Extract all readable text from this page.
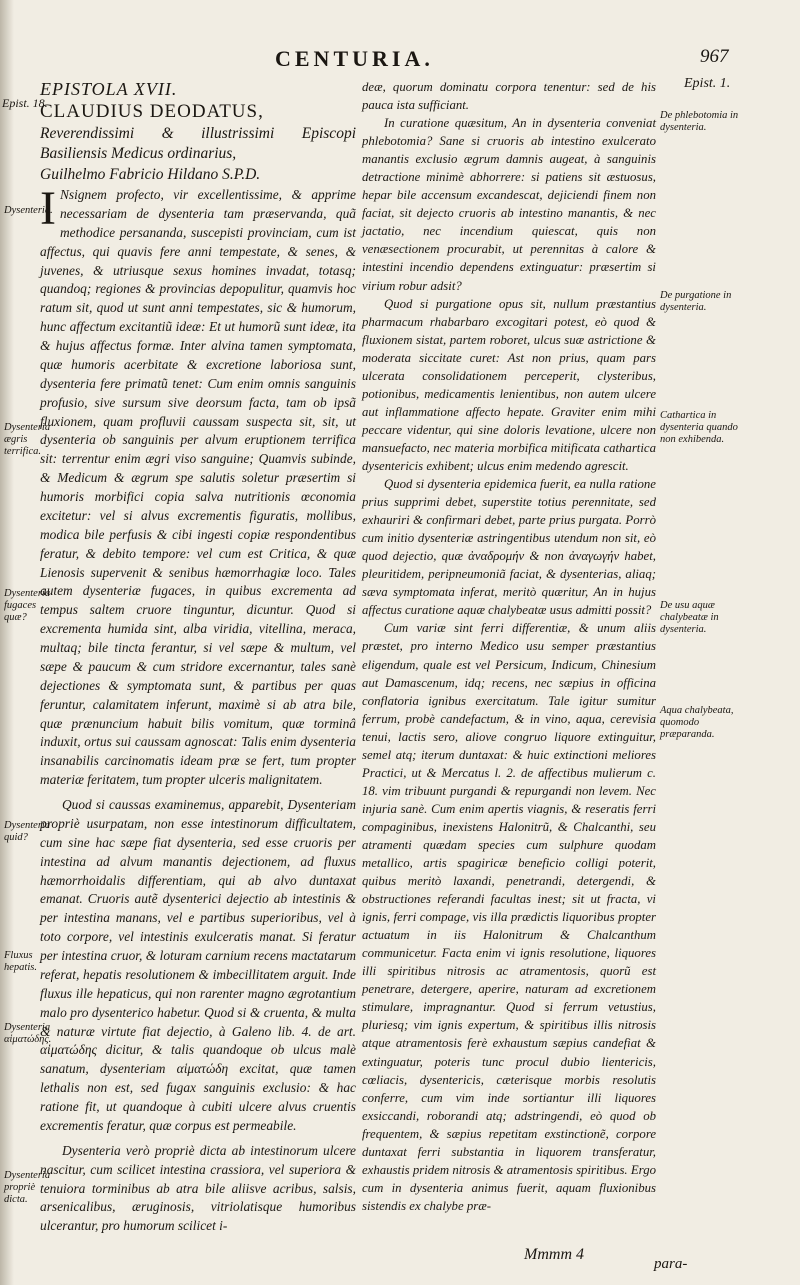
CENTURIA.	967
Epist. 1.
Epist. 18.

EPISTOLA XVII.

CLAUDIUS DEODATUS,

Reverendissimi & illustrissimi Episcopi Basiliensis Medicus ordinarius,

Guilhelmo Fabricio Hildano S.P.D.

I Nsignem profecto, vir excellentissime, & apprime necessariam de dysenteria tam præservanda, quã methodice persananda, suscepisti provinciam, cum ist affectus, qui quavis fere anni tempestate, & senes, & juvenes, & utriusque sexus homines invadat, totasq; quandoq; regiones & provincias depopulitur, quamvis hoc ratum sit, quod ut sunt anni tempestates, sic & humorum, hunc affectum excitantiũ ideæ: Et ut humorũ sunt ideæ, ita & hujus affectus formæ. Inter alvina tamen symptomata, quæ humoris acerbitate & excretione laboriosa sunt, dysenteria fere primatũ tenet: Cum enim omnis sanguinis profusio, sive sursum sive deorsum facta, tam ob ipsã fluxionem, quam profluvii caussam suspecta sit, sit, ut dysenteria ob sanguinis per alvum eruptionem terrifica sit: terrentur enim ægri viso sanguine; Quamvis subinde, & Medicum & ægrum spe salutis soletur præsertim si humoris morbifici copia salva nutritionis œconomia excitetur: vel si alvus excrementis figuratis, mollibus, modica bile perfusis & cibi ingesti copiæ respondentibus feratur, & debito tempore: vel cum est Critica, & quæ Lienosis supervenit & senibus hæmorrhagiæ loco. Tales autem dysenteriæ fugaces, in quibus excrementa ad tempus saltem cruore tinguntur, dicuntur. Quod si excrementa humida sint, alba viridia, vitellina, meraca, multaq; bile tincta ferantur, si vel sæpe & multum, vel sæpe & paucum & cum stridore excernantur, tales sanè dejectiones & symptomata sunt, & partibus per quas feruntur, calamitatem inferunt, maximè si ab atra bile, quæ prænuncium habuit bilis vomitum, quæ torminâ induxit, ortus sui caussam agnoscat: Talis enim dysenteria insanabilis carcinomatis ideam præ se fert, tum propter materiæ feritatem, tum propter ulceris malignitatem.

Quod si caussas examinemus, apparebit, Dysenteriam propriè usurpatam, non esse intestinorum difficultatem, cum sine hac sæpe fiat dysenteria, sed esse cruoris per intestina ad alvum manantis dejectionem, ad fluxus hæmorrhoidalis differentiam, qui ab alvo duntaxat emanat. Cruoris autẽ dysenterici dejectio ab intestinis & per intestina manans, vel e partibus superioribus, vel à toto corpore, vel intestinis exulceratis manat. Si feratur per intestina cruor, & loturam carnium recens mactatarum referat, hepatis resolutionem & imbecillitatem arguit. Inde fluxus ille hepaticus, qui non rarenter magno ægrotantium malo pro dysenterico habetur. Quod si & cruenta, & multa & naturæ virtute fiat dejectio, à Galeno lib. 4. de art. αἱματώδης dicitur, & talis quandoque ob ulcus malè sanatum, dysenteriam αἱματώδη excitat, quæ tamen lethalis non est, sed fugax sanguinis exclusio: & hac ratione fit, ut quandoque à cubiti ulcere alvus cruentis excrementis feratur, quæ corpus est permeabile.

Dysenteria verò propriè dicta ab intestinorum ulcere nascitur, cum scilicet intestina crassiora, vel superiora & tenuiora torminibus ab atra bile aliisve acribus, salsis, arsenicalibus, æruginosis, vitriolatisque humoribus ulcerantur, pro humorum scilicet i-

deæ, quorum dominatu corpora tenentur: sed de his pauca ista sufficiant.

In curatione quæsitum, An in dysenteria conveniat phlebotomia? Sane si cruoris ab intestino exulcerato manantis exclusio ægrum damnis augeat, à sanguinis detractione minimè abhorrere: si patiens sit æstuosus, hepar bile accensum excandescat, dejiciendi finem non faciat, sit dejecto cruoris ab intestino manantis, & nec jactatio, nec incendium quiescat, quis non venæsectionem procurabit, ut perennitas à calore & intestini incendio dependens extinguatur: præsertim si virium robur adsit?

Quod si purgatione opus sit, nullum præstantius pharmacum rhabarbaro excogitari potest, eò quod & fluxionem sistat, partem roboret, ulcus suæ astrictione & moderata siccitate curet: Ast non prius, quam pars ulcerata consolidationem perceperit, clysteribus, potionibus, medicamentis lenientibus, non autem ulcere aut inflammatione affecto hepate. Graviter enim mihi peccare videntur, qui sine doloris levatione, ulcere non mansuefacto, nec materia morbifica mitificata cathartica dysentericis exhibent; ulcus enim medendo agrescit.

Quod si dysenteria epidemica fuerit, ea nulla ratione prius supprimi debet, superstite totius perennitate, sed exhauriri & confirmari debet, parte prius purgata. Porrò cum initio dysenteriæ astringentibus utendum non sit, eò quod dejectio, quæ ἀναδρομήν & non ἀναγωγήν habet, pleuritidem, peripneumoniã faciat, & dysenterias, aliaq; sæva symptomata inferat, meritò quæritur, An in hujus affectus curatione aquæ chalybeatæ usus admitti possit?

Cum variæ sint ferri differentiæ, & unum aliis præstet, pro interno Medico usu semper præstantius eligendum, quale est vel Persicum, Indicum, Chinesium aut Damascenum, idq; recens, nec sæpius in officina conflatoria ignibus exercitatum. Tale igitur sumitur ferrum, probè candefactum, & in vino, aqua, cerevisia tenui, lactis sero, aliove congruo liquore extinguitur, semel atq; iterum duntaxat: & huic extinctioni meliores Practici, ut & Mercatus l. 2. de affectibus mulierum c. 18. vim tribuunt purgandi & repurgandi non levem. Nec injuria sanè. Cum enim apertis viagnis, & reseratis ferri compaginibus, inexistens Halonitrũ, & Chalcanthi, seu atramenti quædam species cum sulphure quodam metallico, artis spagiricæ beneficio colligi poterit, quibus meritò laxandi, penetrandi, detergendi, & obstructiones referandi facultas inest; sit ut fracta, vi ignis, ferri compage, vis illa prædictis liquoribus propter actuatum in iis Halonitrum & Chalcanthum communicetur. Facta enim vi ignis resolutione, liquores illi spiritibus nitrosis ac atramentosis, quorũ est penetrare, detergere, aperire, naturam ad excretionem stimulare, impragnantur. Quod si ferrum vetustius, pluriesq; vim ignis expertum, & spiritibus illis nitrosis atque atramentosis ferè exhaustum sæpius candefiat & extinguatur, poteris tunc procul dubio lientericis, cœliacis, dysentericis, cæterisque morbis resolutis conferre, cum vim inde sortiantur illi liquores exsiccandi, roborandi atq; adstringendi, eò quod ob frequentem, & sæpius repetitam exstinctionẽ, corpore duntaxat ferri substantia in liquorem transferatur, exhaustis pridem nitrosis & atramentosis spiritibus. Ergo cum in dysenteria animus fuerit, aquam fluxionibus sistendis ex chalybe præ-

Dysenteria.
Dysenteria ægris terrifica.
Dysenteria fugaces quæ?
Dysenteria quid?
Fluxus hepatis.
Dysenteria αἱματώδης.
Dysenteria propriè dicta.
De phlebotomia in dysenteria.
De purgatione in dysenteria.
Cathartica in dysenteria quando non exhibenda.
De usu aquæ chalybeatæ in dysenteria.
Aqua chalybeata, quomodo præparanda.
Mmmm 4
para-
